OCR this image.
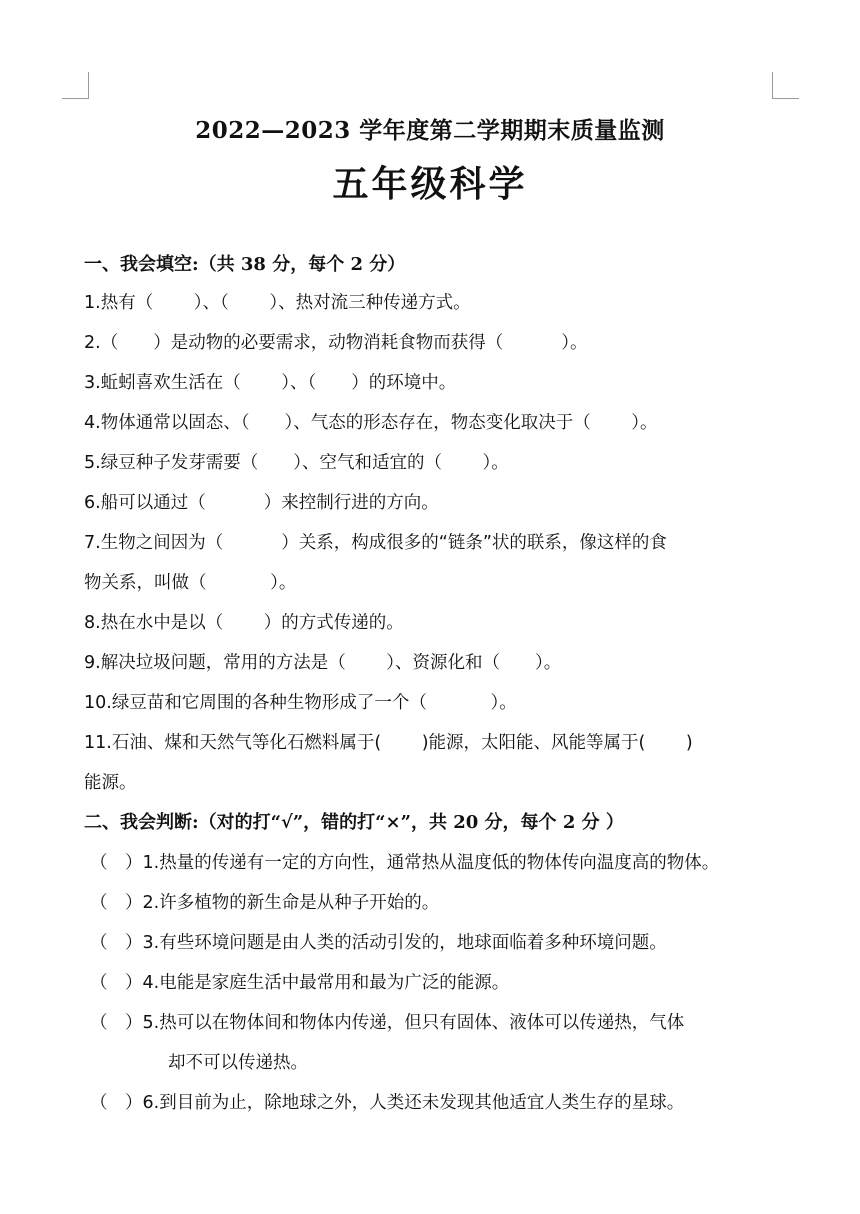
2022—2023 学年度第二学期期末质量监测
五年级科学
一、我会填空:（共 38 分，每个 2 分）
1.热有（　　 ）、（　　 ）、热对流三种传递方式。
2.（　　）是动物的必要需求，动物消耗食物而获得（　　 　）。
3.蚯蚓喜欢生活在（　　 ）、（　　）的环境中。
4.物体通常以固态、（　　）、气态的形态存在，物态变化取决于（　　 ）。
5.绿豆种子发芽需要（　　）、空气和适宜的（　　 ）。
6.船可以通过（　　 　）来控制行进的方向。
7.生物之间因为（　　 　）关系，构成很多的“链条”状的联系，像这样的食
物关系，叫做（　　 　 ）。
8.热在水中是以（　　 ）的方式传递的。
9.解决垃圾问题，常用的方法是（　　 ）、资源化和（　　）。
10.绿豆苗和它周围的各种生物形成了一个（　　 　 ）。
11.石油、煤和天然气等化石燃料属于(　　 )能源，太阳能、风能等属于(　　 )
能源。
二、我会判断:（对的打“√”，错的打“×”，共 20 分，每个 2 分 ）
（　）1.热量的传递有一定的方向性，通常热从温度低的物体传向温度高的物体。
（　）2.许多植物的新生命是从种子开始的。
（　）3.有些环境问题是由人类的活动引发的，地球面临着多种环境问题。
（　）4.电能是家庭生活中最常用和最为广泛的能源。
（　）5.热可以在物体间和物体内传递，但只有固体、液体可以传递热，气体
却不可以传递热。
（　）6.到目前为止，除地球之外，人类还未发现其他适宜人类生存的星球。
